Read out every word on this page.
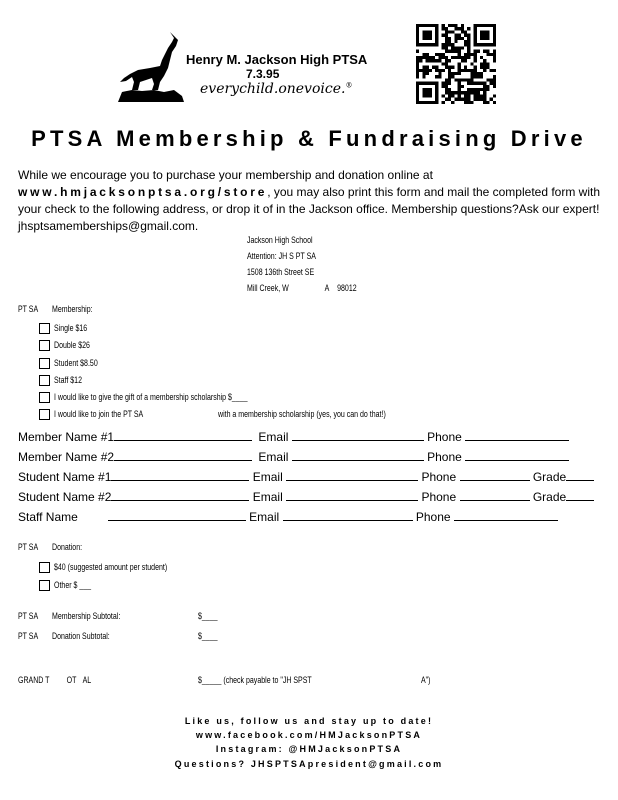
Henry M. Jackson High PTSA
7.3.95
everychild.onevoice.®
PTSA Membership & Fundraising Drive
While we encourage you to purchase your membership and donation online at
www.hmjacksonptsa.org/store, you may also print this form and mail the completed form with your check to the following address, or drop it of in the Jackson office. Membership questions?Ask our expert! jhsptsamemberships@gmail.com.
Jackson High School
Attention: JH S PT SA
1508 136th Street SE
Mill Creek, W	A 98012
PT SA Membership:
Single $16
Double $26
Student $8.50
Staff $12
I would like to give the gift of a membership scholarship $____
I would like to join the PT SA	with a membership scholarship (yes, you can do that!)
Member Name #1	Email	Phone
Member Name #2	Email	Phone
Student Name #1	Email	Phone	Grade
Student Name #2	Email	Phone	Grade
Staff Name	Email	Phone
PT SA Donation:
$40 (suggested amount per student)
Other $ ___
PT SA Membership Subtotal:	$____
PT SA Donation Subtotal:	$____
GRAND T OT AL	$_____ (check payable to "JH SPST	A")
Like us, follow us and stay up to date!
www.facebook.com/HMJacksonPTSA
Instagram: @HMJacksonPTSA
Questions? JHSPTSApresident@gmail.com
